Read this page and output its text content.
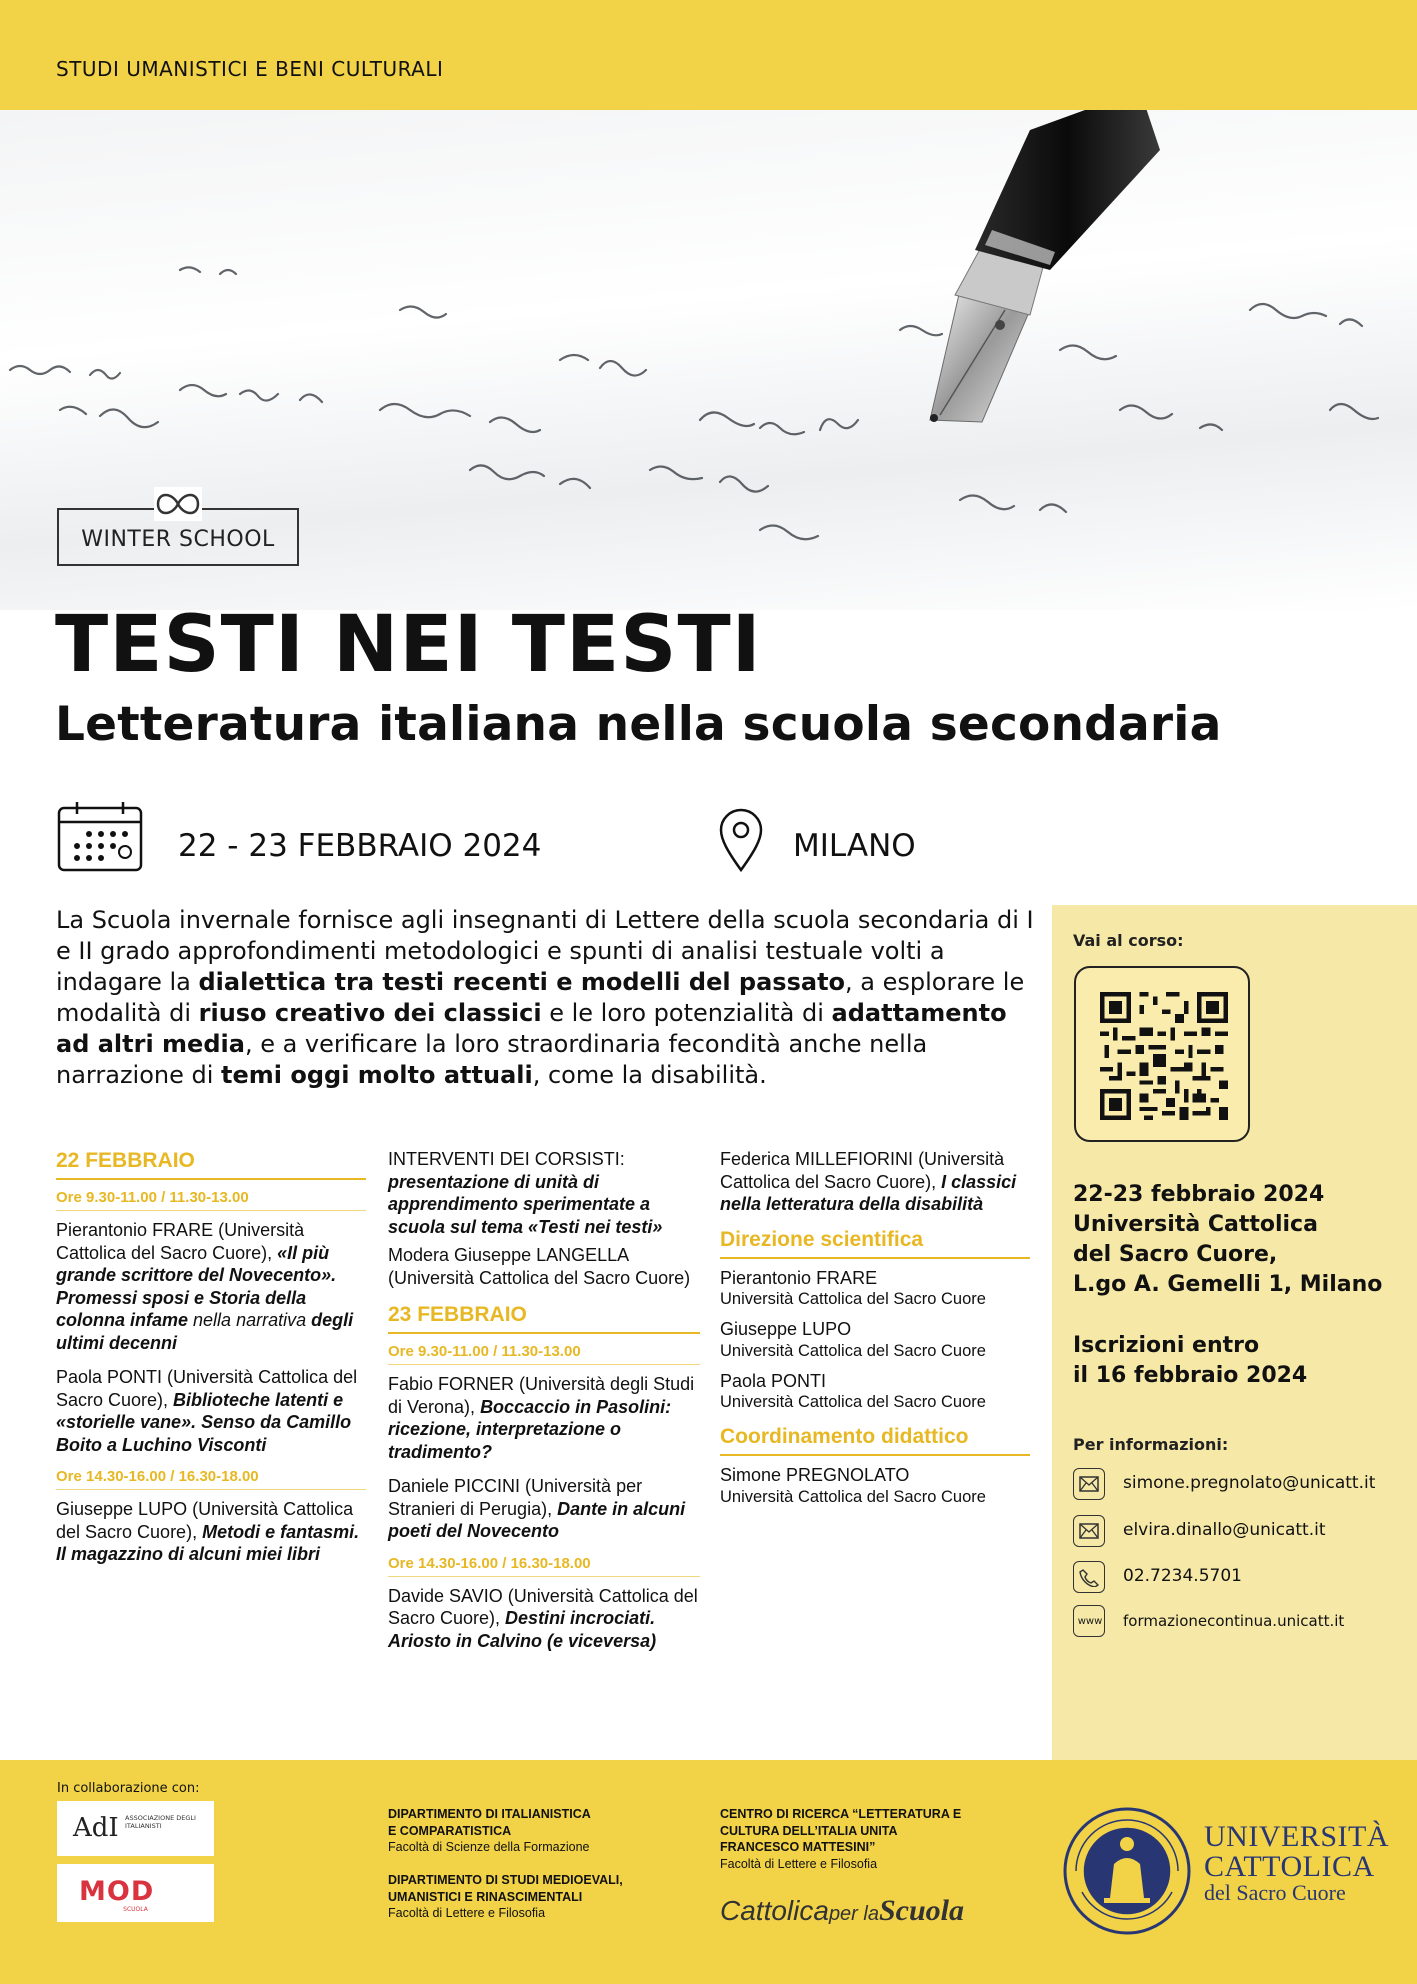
STUDI UMANISTICI E BENI CULTURALI
WINTER SCHOOL
TESTI NEI TESTI
Letteratura italiana nella scuola secondaria
22 - 23 FEBBRAIO 2024	MILANO
La Scuola invernale fornisce agli insegnanti di Lettere della scuola secondaria di I e II grado approfondimenti metodologici e spunti di analisi testuale volti a indagare la dialettica tra testi recenti e modelli del passato, a esplorare le modalità di riuso creativo dei classici e le loro potenzialità di adattamento ad altri media, e a verificare la loro straordinaria fecondità anche nella narrazione di temi oggi molto attuali, come la disabilità.
Vai al corso:
22-23 febbraio 2024
Università Cattolica
del Sacro Cuore,
L.go A. Gemelli 1, Milano
Iscrizioni entro
il 16 febbraio 2024
Per informazioni:
simone.pregnolato@unicatt.it
elvira.dinallo@unicatt.it
02.7234.5701
www formazionecontinua.unicatt.it
22 FEBBRAIO
Ore 9.30-11.00 / 11.30-13.00

Pierantonio FRARE (Università Cattolica del Sacro Cuore), «Il più grande scrittore del Novecento». Promessi sposi e Storia della colonna infame nella narrativa degli ultimi decenni

Paola PONTI (Università Cattolica del Sacro Cuore), Biblioteche latenti e «storielle vane». Senso da Camillo Boito a Luchino Visconti

Ore 14.30-16.00 / 16.30-18.00

Giuseppe LUPO (Università Cattolica del Sacro Cuore), Metodi e fantasmi. Il magazzino di alcuni miei libri

INTERVENTI DEI CORSISTI:
presentazione di unità di apprendimento sperimentate a scuola sul tema «Testi nei testi»

Modera Giuseppe LANGELLA (Università Cattolica del Sacro Cuore)

23 FEBBRAIO
Ore 9.30-11.00 / 11.30-13.00

Fabio FORNER (Università degli Studi di Verona), Boccaccio in Pasolini: ricezione, interpretazione o tradimento?

Daniele PICCINI (Università per Stranieri di Perugia), Dante in alcuni poeti del Novecento

Ore 14.30-16.00 / 16.30-18.00

Davide SAVIO (Università Cattolica del Sacro Cuore), Destini incrociati. Ariosto in Calvino (e viceversa)

Federica MILLEFIORINI (Università Cattolica del Sacro Cuore), I classici nella letteratura della disabilità

Direzione scientifica

Pierantonio FRARE
Università Cattolica del Sacro Cuore

Giuseppe LUPO
Università Cattolica del Sacro Cuore

Paola PONTI
Università Cattolica del Sacro Cuore

Coordinamento didattico

Simone PREGNOLATO
Università Cattolica del Sacro Cuore

In collaborazione con:
AdI ASSOCIAZIONE DEGLI ITALIANISTI
MOD
SCUOLA
DIPARTIMENTO DI ITALIANISTICA
E COMPARATISTICA
Facoltà di Scienze della Formazione
DIPARTIMENTO DI STUDI MEDIOEVALI,
UMANISTICI E RINASCIMENTALI
Facoltà di Lettere e Filosofia
CENTRO DI RICERCA “LETTERATURA E
CULTURA DELL’ITALIA UNITA
FRANCESCO MATTESINI”
Facoltà di Lettere e Filosofia
Cattolicaper laScuola
UNIVERSITÀ
CATTOLICA
del Sacro Cuore
